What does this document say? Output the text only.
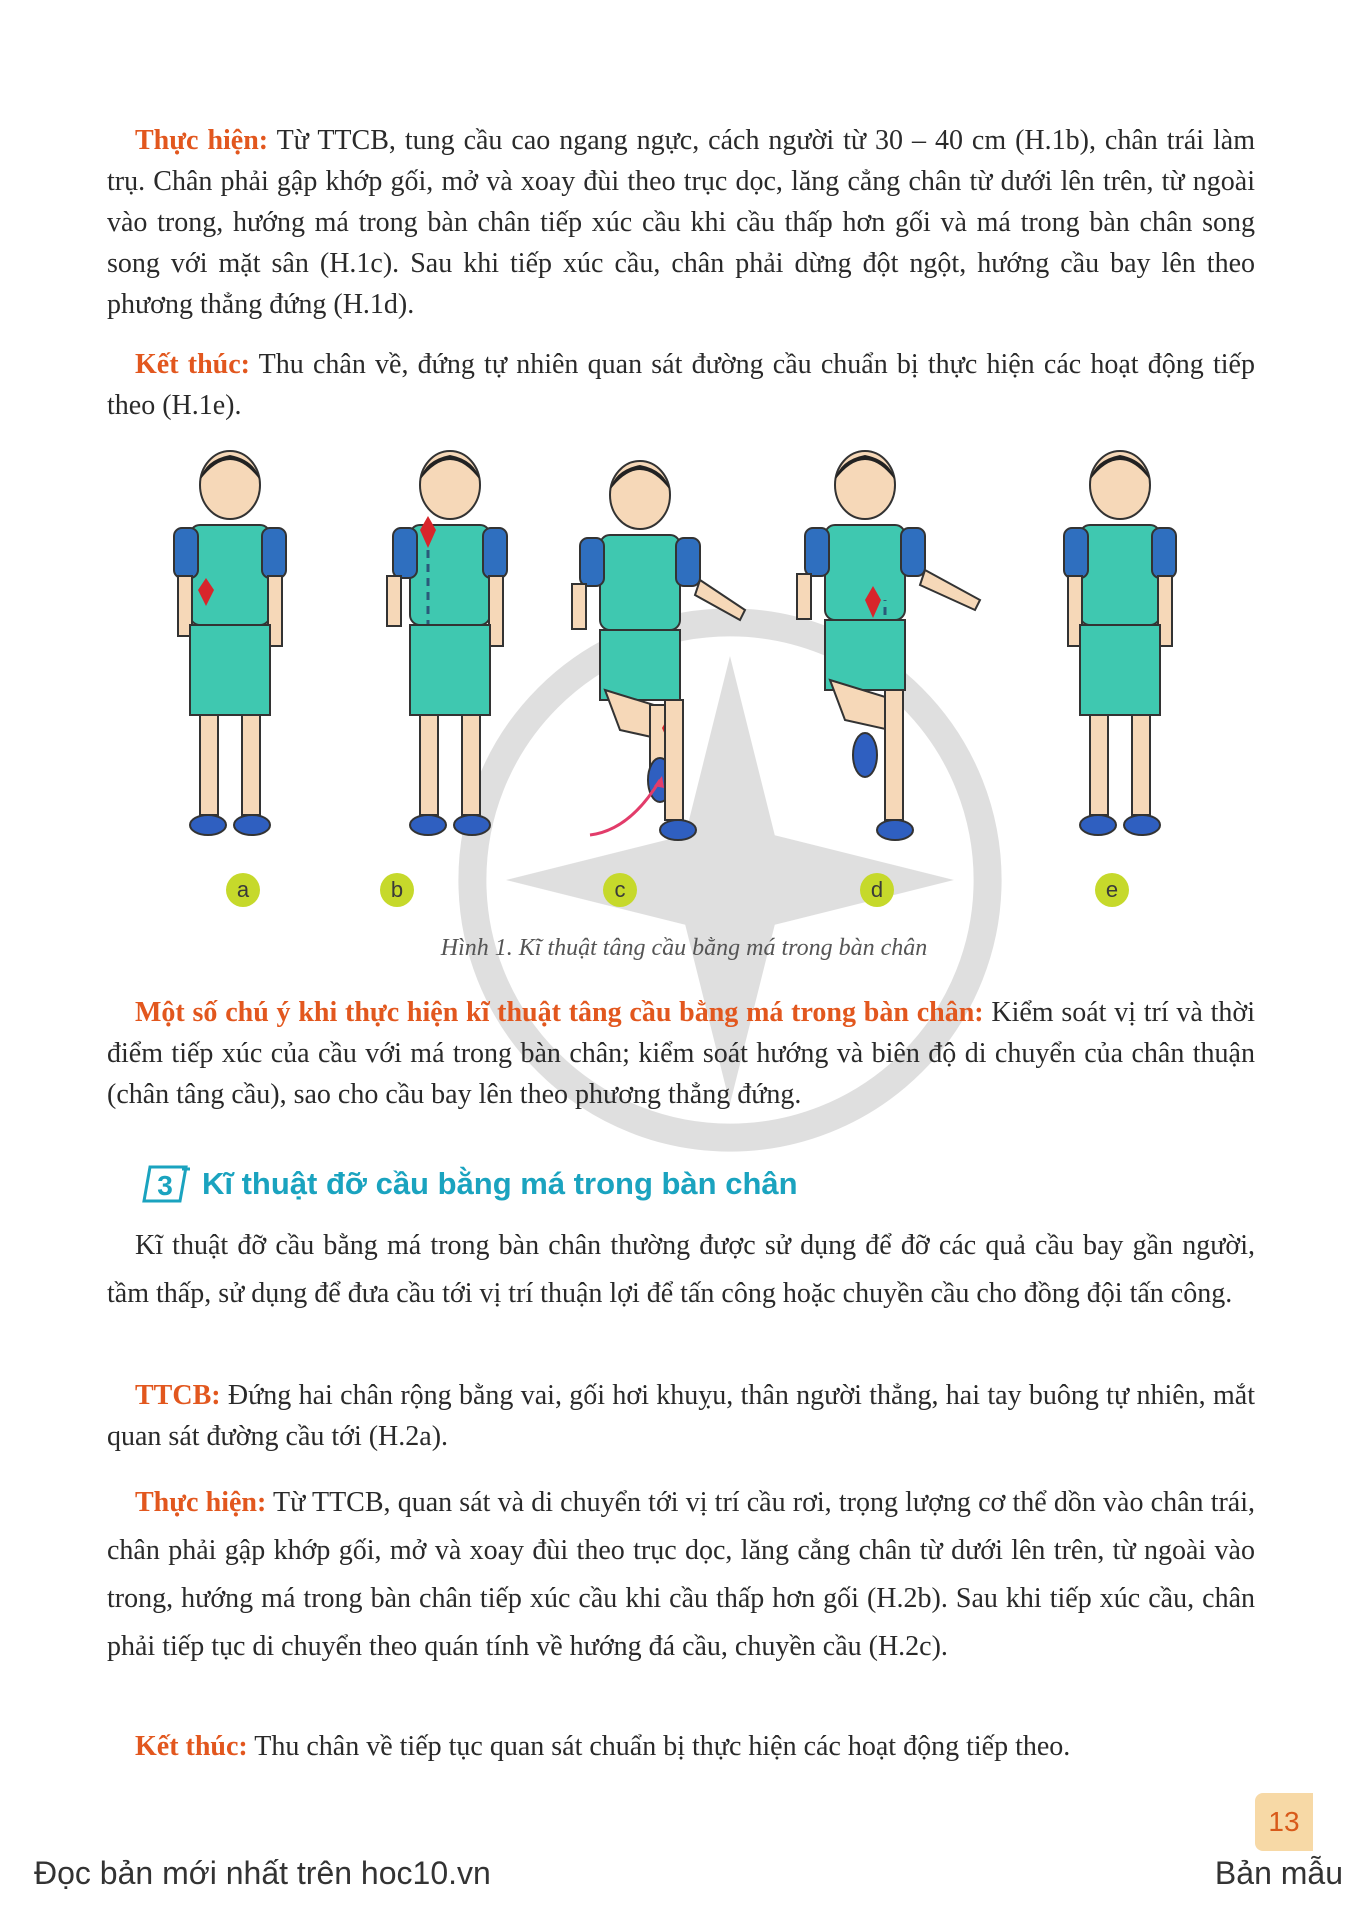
Thực hiện: Từ TTCB, tung cầu cao ngang ngực, cách người từ 30 – 40 cm (H.1b), chân trái làm trụ. Chân phải gập khớp gối, mở và xoay đùi theo trục dọc, lăng cẳng chân từ dưới lên trên, từ ngoài vào trong, hướng má trong bàn chân tiếp xúc cầu khi cầu thấp hơn gối và má trong bàn chân song song với mặt sân (H.1c). Sau khi tiếp xúc cầu, chân phải dừng đột ngột, hướng cầu bay lên theo phương thẳng đứng (H.1d).

Kết thúc: Thu chân về, đứng tự nhiên quan sát đường cầu chuẩn bị thực hiện các hoạt động tiếp theo (H.1e).

a	b	c	d	e
Hình 1. Kĩ thuật tâng cầu bằng má trong bàn chân

Một số chú ý khi thực hiện kĩ thuật tâng cầu bằng má trong bàn chân: Kiểm soát vị trí và thời điểm tiếp xúc của cầu với má trong bàn chân; kiểm soát hướng và biên độ di chuyển của chân thuận (chân tâng cầu), sao cho cầu bay lên theo phương thẳng đứng.

3 Kĩ thuật đỡ cầu bằng má trong bàn chân

Kĩ thuật đỡ cầu bằng má trong bàn chân thường được sử dụng để đỡ các quả cầu bay gần người, tầm thấp, sử dụng để đưa cầu tới vị trí thuận lợi để tấn công hoặc chuyền cầu cho đồng đội tấn công.

TTCB: Đứng hai chân rộng bằng vai, gối hơi khuỵu, thân người thẳng, hai tay buông tự nhiên, mắt quan sát đường cầu tới (H.2a).

Thực hiện: Từ TTCB, quan sát và di chuyển tới vị trí cầu rơi, trọng lượng cơ thể dồn vào chân trái, chân phải gập khớp gối, mở và xoay đùi theo trục dọc, lăng cẳng chân từ dưới lên trên, từ ngoài vào trong, hướng má trong bàn chân tiếp xúc cầu khi cầu thấp hơn gối (H.2b). Sau khi tiếp xúc cầu, chân phải tiếp tục di chuyển theo quán tính về hướng đá cầu, chuyền cầu (H.2c).

Kết thúc: Thu chân về tiếp tục quan sát chuẩn bị thực hiện các hoạt động tiếp theo.

13
Đọc bản mới nhất trên hoc10.vn	Bản mẫu
